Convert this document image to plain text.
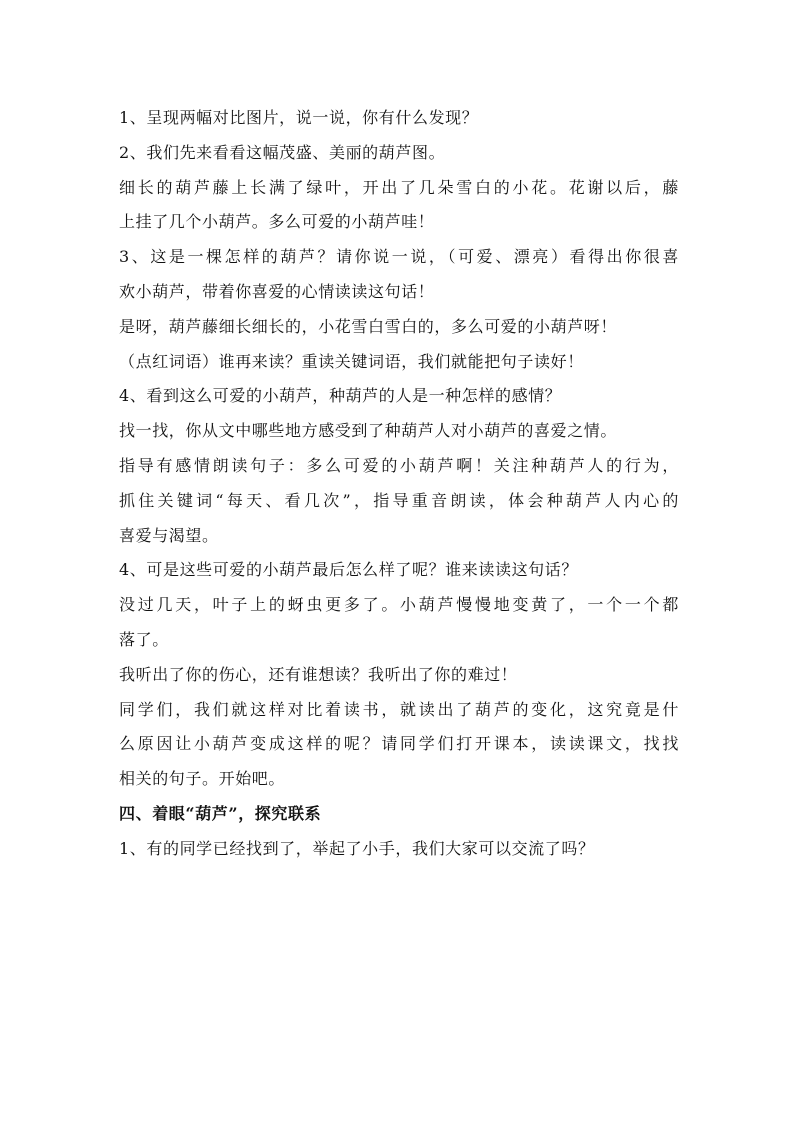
1、呈现两幅对比图片，说一说，你有什么发现？
2、我们先来看看这幅茂盛、美丽的葫芦图。
细长的葫芦藤上长满了绿叶，开出了几朵雪白的小花。花谢以后，藤
上挂了几个小葫芦。多么可爱的小葫芦哇！
3、这是一棵怎样的葫芦？请你说一说，（可爱、漂亮）看得出你很喜
欢小葫芦，带着你喜爱的心情读读这句话！
是呀，葫芦藤细长细长的，小花雪白雪白的，多么可爱的小葫芦呀！
（点红词语）谁再来读？重读关键词语，我们就能把句子读好！
4、看到这么可爱的小葫芦，种葫芦的人是一种怎样的感情？
找一找，你从文中哪些地方感受到了种葫芦人对小葫芦的喜爱之情。
指导有感情朗读句子：多么可爱的小葫芦啊！关注种葫芦人的行为，
抓住关键词“每天、看几次”，指导重音朗读，体会种葫芦人内心的
喜爱与渴望。
4、可是这些可爱的小葫芦最后怎么样了呢？谁来读读这句话？
没过几天，叶子上的蚜虫更多了。小葫芦慢慢地变黄了，一个一个都
落了。
我听出了你的伤心，还有谁想读？我听出了你的难过！
同学们，我们就这样对比着读书，就读出了葫芦的变化，这究竟是什
么原因让小葫芦变成这样的呢？请同学们打开课本，读读课文，找找
相关的句子。开始吧。
四、着眼“葫芦”，探究联系
1、有的同学已经找到了，举起了小手，我们大家可以交流了吗？
